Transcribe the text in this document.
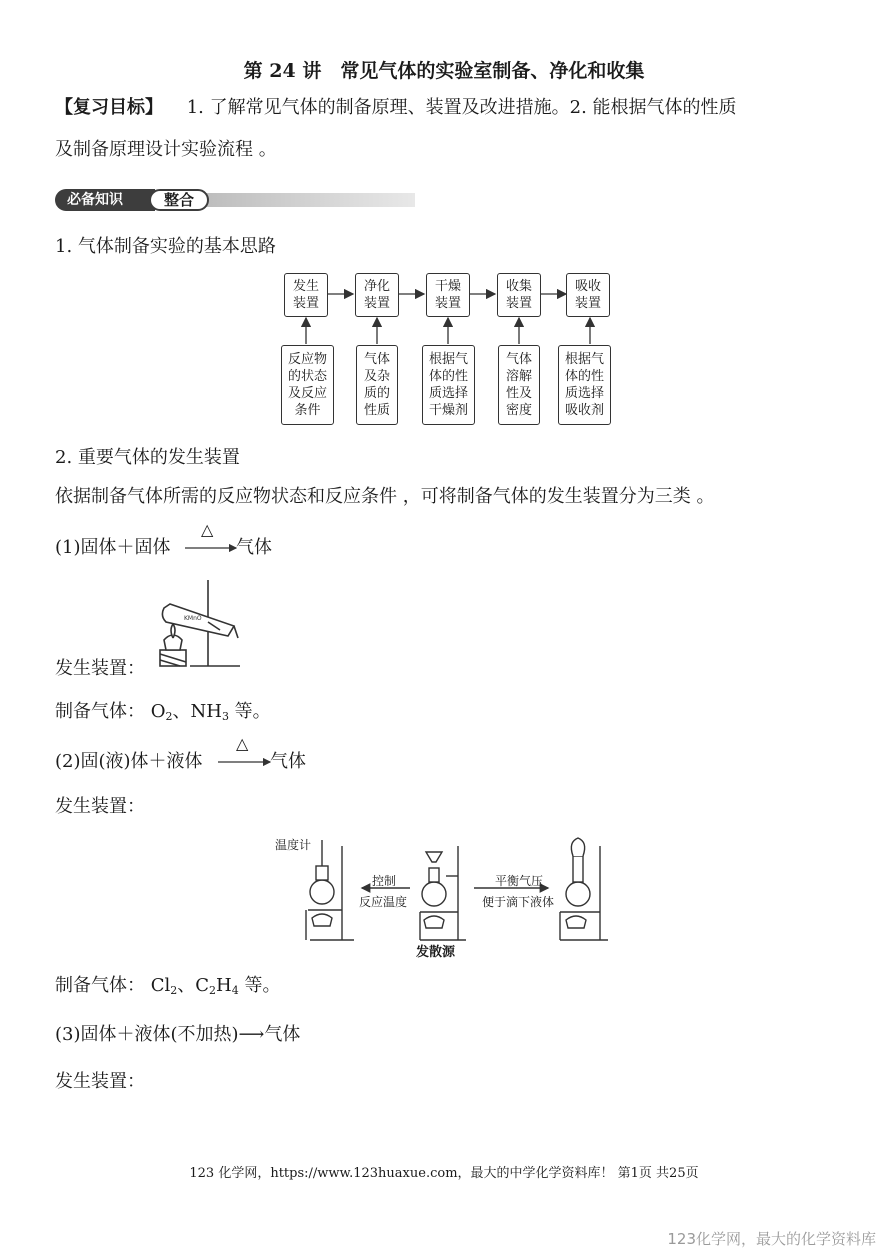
第 24 讲　常见气体的实验室制备、净化和收集
【复习目标】 1. 了解常见气体的制备原理、装置及改进措施。2. 能根据气体的性质
及制备原理设计实验流程 。
必备知识	整合
1. 气体制备实验的基本思路
发生
装置
净化
装置
干燥
装置
收集
装置
吸收
装置
反应物
的状态
及反应
条件
气体
及杂
质的
性质
根据气
体的性
质选择
干燥剂
气体
溶解
性及
密度
根据气
体的性
质选择
吸收剂
2. 重要气体的发生装置
依据制备气体所需的反应物状态和反应条件 ，可将制备气体的发生装置分为三类 。
(1)固体＋固体	气体
△
发生装置：
KMnO
制备气体： $O_2$、$NH_3$ 等。
(2)固(液)体＋液体	气体
△
发生装置：
温度计
控制
反应温度
平衡气压
便于滴下液体
发散源
制备气体： $Cl_2$、$C_2H_4$ 等。
(3)固体＋液体(不加热)⟶气体
发生装置：
123 化学网，https://www.123huaxue.com，最大的中学化学资料库！ 第1页 共25页
123化学网，最大的化学资料库
